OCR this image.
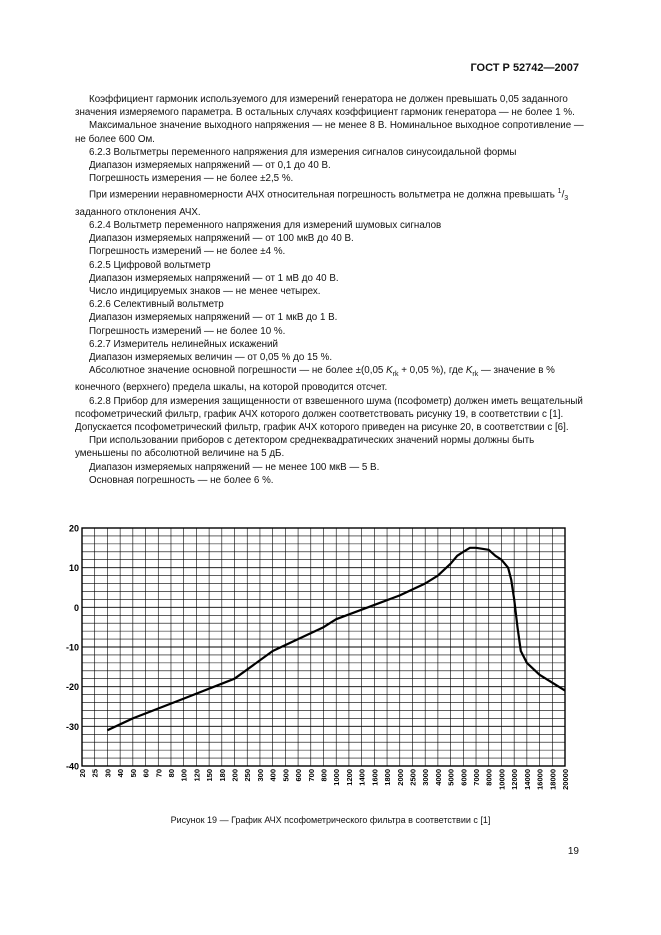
ГОСТ Р 52742—2007

Коэффициент гармоник используемого для измерений генератора не должен превышать 0,05 заданного значения измеряемого параметра. В остальных случаях коэффициент гармоник генератора — не более 1 %.

Максимальное значение выходного напряжения — не менее 8 В. Номинальное выходное сопротивление — не более 600 Ом.

6.2.3 Вольтметры переменного напряжения для измерения сигналов синусоидальной формы

Диапазон измеряемых напряжений — от 0,1 до 40 В.

Погрешность измерения — не более ±2,5 %.

При измерении неравномерности АЧХ относительная погрешность вольтметра не должна превышать $^1/_3$ заданного отклонения АЧХ.

6.2.4 Вольтметр переменного напряжения для измерений шумовых сигналов

Диапазон измеряемых напряжений — от 100 мкВ до 40 В.

Погрешность измерений — не более ±4 %.

6.2.5 Цифровой вольтметр

Диапазон измеряемых напряжений — от 1 мВ до 40 В.

Число индицируемых знаков — не менее четырех.

6.2.6 Селективный вольтметр

Диапазон измеряемых напряжений — от 1 мкВ до 1 В.

Погрешность измерений — не более 10 %.

6.2.7 Измеритель нелинейных искажений

Диапазон измеряемых величин — от 0,05 % до 15 %.

Абсолютное значение основной погрешности — не более ±(0,05 $K_{rk} + 0,05$ %), где $K_{rk}$ — значение в % конечного (верхнего) предела шкалы, на которой проводится отсчет.

6.2.8 Прибор для измерения защищенности от взвешенного шума (псофометр) должен иметь вещательный псофометрический фильтр, график АЧХ которого должен соответствовать рисунку 19, в соответствии с [1]. Допускается псофометрический фильтр, график АЧХ которого приведен на рисунке 20, в соответствии с [6].

При использовании приборов с детектором среднеквадратических значений нормы должны быть уменьшены по абсолютной величине на 5 дБ.

Диапазон измеряемых напряжений — не менее 100 мкВ — 5 В.

Основная погрешность — не более 6 %.

20
10
0
-10
-20
-30
-40
20 25 30 40 50 60 70 80 100 120 150 180 200 250 300 400 500 600 700 800 1000 1200 1400 1600 1800 2000 2500 3000 4000 5000 6000 7000 8000 10000 12000 14000 16000 18000 20000
Рисунок 19 — График АЧХ псофометрического фильтра в соответствии с [1]
19
